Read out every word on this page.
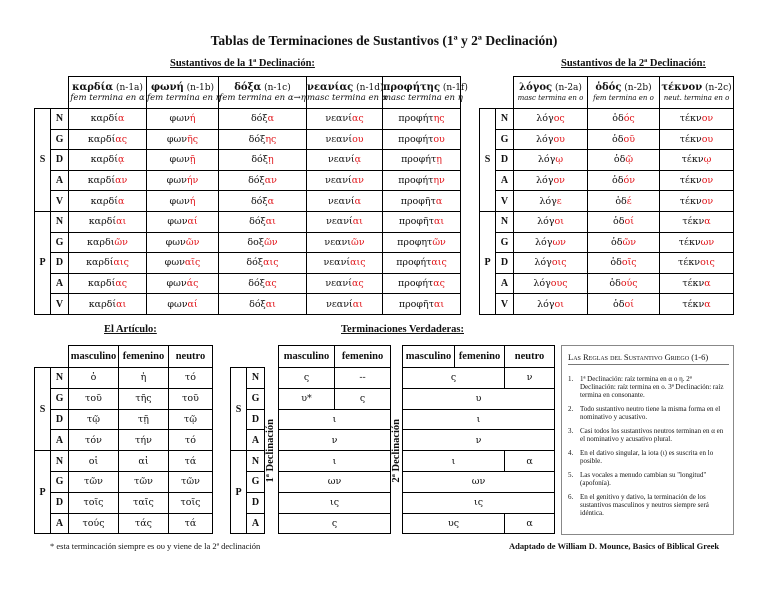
Tablas de Terminaciones de Sustantivos (1ª y 2ª Declinación)
Sustantivos de la 1ª Declinación:	Sustantivos de la 2ª Declinación:
		καρδία (n-1a)
fem termina en α	φωνή (n-1b)
fem termina en η	δόξα (n-1c)
fem termina en α→η	νεανίας (n-1d)
masc termina en α	προφήτης (n-1f)
masc termina en η
S	N	καρδία	φωνή	δόξα	νεανίας	προφήτης
	G	καρδίας	φωνῆς	δόξης	νεανίου	προφήτου
	D	καρδίᾳ	φωνῇ	δόξῃ	νεανίᾳ	προφήτῃ
	A	καρδίαν	φωνήν	δόξαν	νεανίαν	προφήτην
	V	καρδία	φωνή	δόξα	νεανία	προφῆτα
P	N	καρδίαι	φωναί	δόξαι	νεανίαι	προφῆται
	G	καρδιῶν	φωνῶν	δοξῶν	νεανιῶν	προφητῶν
	D	καρδίαις	φωναῖς	δόξαις	νεανίαις	προφήταις
	A	καρδίας	φωνάς	δόξας	νεανίας	προφήτας
	V	καρδίαι	φωναί	δόξαι	νεανίαι	προφῆται
		λόγος (n-2a)
masc termina en ο	ὁδός (n-2b)
fem termina en ο	τέκνον (n-2c)
neut. termina en ο
S	N	λόγος	ὁδός	τέκνον
	G	λόγου	ὁδοῦ	τέκνου
	D	λόγῳ	ὁδῷ	τέκνῳ
	A	λόγον	ὁδόν	τέκνον
	V	λόγε	ὁδέ	τέκνον
P	N	λόγοι	ὁδοί	τέκνα
	G	λόγων	ὁδῶν	τέκνων
	D	λόγοις	ὁδοῖς	τέκνοις
	A	λόγους	ὁδούς	τέκνα
	V	λόγοι	ὁδοί	τέκνα
El Artículo:	Terminaciones Verdaderas:
		masculino	femenino	neutro
S	N	ὁ	ἡ	τό
	G	τοῦ	τῆς	τοῦ
	D	τῷ	τῇ	τῷ
	A	τόν	τήν	τό
P	N	οἱ	αἱ	τά
	G	τῶν	τῶν	τῶν
	D	τοῖς	ταῖς	τοῖς
	A	τούς	τάς	τά
			masculino	femenino		masculino	femenino	neutro
S	N	1ª Declinación	ς	--	2ª Declinación	ς		ν
	G		υ*	ς		υ		
	D		ι			ι		
	A		ν			ν		
P	N		ι			ι		α
	G		ων			ων		
	D		ις			ις		
	A		ς			υς		α
Las Reglas del Sustantivo Griego (1-6)
1. 1ª Declinación: raíz termina en α o η. 2ª Declinación: raíz termina en ο. 3ª Declinación: raíz termina en consonante.
2. Todo sustantivo neutro tiene la misma forma en el nominativo y acusativo.
3. Casi todos los sustantivos neutros terminan en α en el nominativo y acusativo plural.
4. En el dativo singular, la iota (ι) es suscrita en lo posible.
5. Las vocales a menudo cambian su "longitud" (apofonía).
6. En el genitivo y dativo, la terminación de los sustantivos masculinos y neutros siempre será idéntica.
* esta termincación siempre es ου y viene de la 2ª declinación	Adaptado de William D. Mounce, Basics of Biblical Greek
